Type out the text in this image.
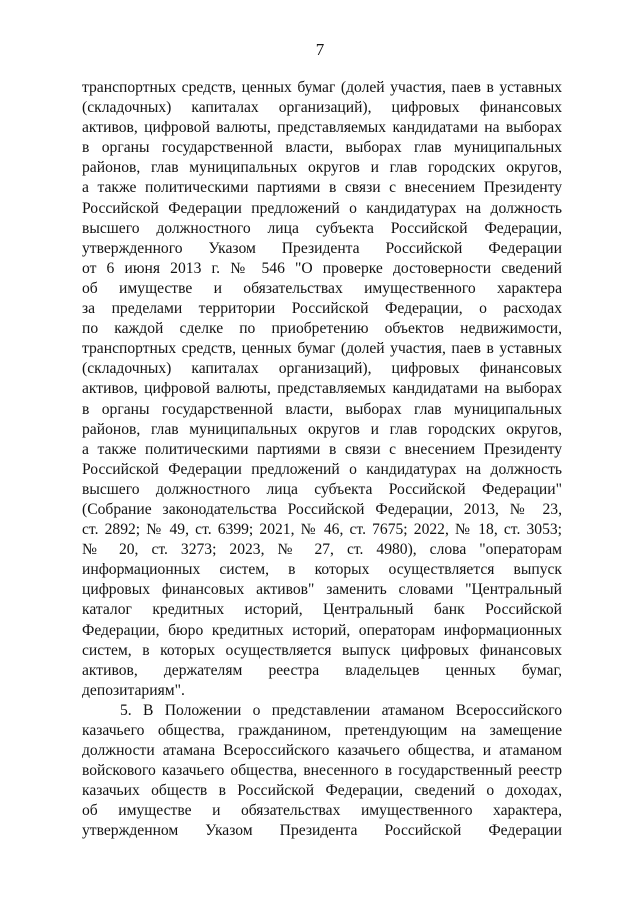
7
транспортных средств, ценных бумаг (долей участия, паев в уставных
(складочных) капиталах организаций), цифровых финансовых
активов, цифровой валюты, представляемых кандидатами на выборах
в органы государственной власти, выборах глав муниципальных
районов, глав муниципальных округов и глав городских округов,
а также политическими партиями в связи с внесением Президенту
Российской Федерации предложений о кандидатурах на должность
высшего должностного лица субъекта Российской Федерации,
утвержденного Указом Президента Российской Федерации
от 6 июня 2013 г. № 546 "О проверке достоверности сведений
об имуществе и обязательствах имущественного характера
за пределами территории Российской Федерации, о расходах
по каждой сделке по приобретению объектов недвижимости,
транспортных средств, ценных бумаг (долей участия, паев в уставных
(складочных) капиталах организаций), цифровых финансовых
активов, цифровой валюты, представляемых кандидатами на выборах
в органы государственной власти, выборах глав муниципальных
районов, глав муниципальных округов и глав городских округов,
а также политическими партиями в связи с внесением Президенту
Российской Федерации предложений о кандидатурах на должность
высшего должностного лица субъекта Российской Федерации"
(Собрание законодательства Российской Федерации, 2013, № 23,
ст. 2892; № 49, ст. 6399; 2021, № 46, ст. 7675; 2022, № 18, ст. 3053;
№ 20, ст. 3273; 2023, № 27, ст. 4980), слова "операторам
информационных систем, в которых осуществляется выпуск
цифровых финансовых активов" заменить словами "Центральный
каталог кредитных историй, Центральный банк Российской
Федерации, бюро кредитных историй, операторам информационных
систем, в которых осуществляется выпуск цифровых финансовых
активов, держателям реестра владельцев ценных бумаг,
депозитариям".
5. В Положении о представлении атаманом Всероссийского
казачьего общества, гражданином, претендующим на замещение
должности атамана Всероссийского казачьего общества, и атаманом
войскового казачьего общества, внесенного в государственный реестр
казачьих обществ в Российской Федерации, сведений о доходах,
об имуществе и обязательствах имущественного характера,
утвержденном Указом Президента Российской Федерации
